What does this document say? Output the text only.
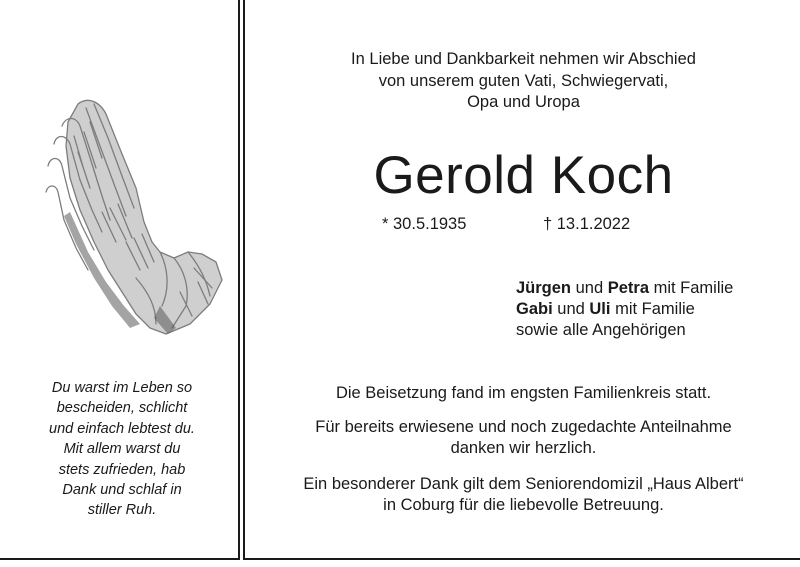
Du warst im Leben so
bescheiden, schlicht
und einfach lebtest du.
Mit allem warst du
stets zufrieden, hab
Dank und schlaf in
stiller Ruh.
In Liebe und Dankbarkeit nehmen wir Abschied
von unserem guten Vati, Schwiegervati,
Opa und Uropa
Gerold Koch
* 30.5.1935	† 13.1.2022
Jürgen und Petra mit Familie
Gabi und Uli mit Familie
sowie alle Angehörigen
Die Beisetzung fand im engsten Familienkreis statt.
Für bereits erwiesene und noch zugedachte Anteilnahme
danken wir herzlich.
Ein besonderer Dank gilt dem Seniorendomizil „Haus Albert“
in Coburg für die liebevolle Betreuung.
